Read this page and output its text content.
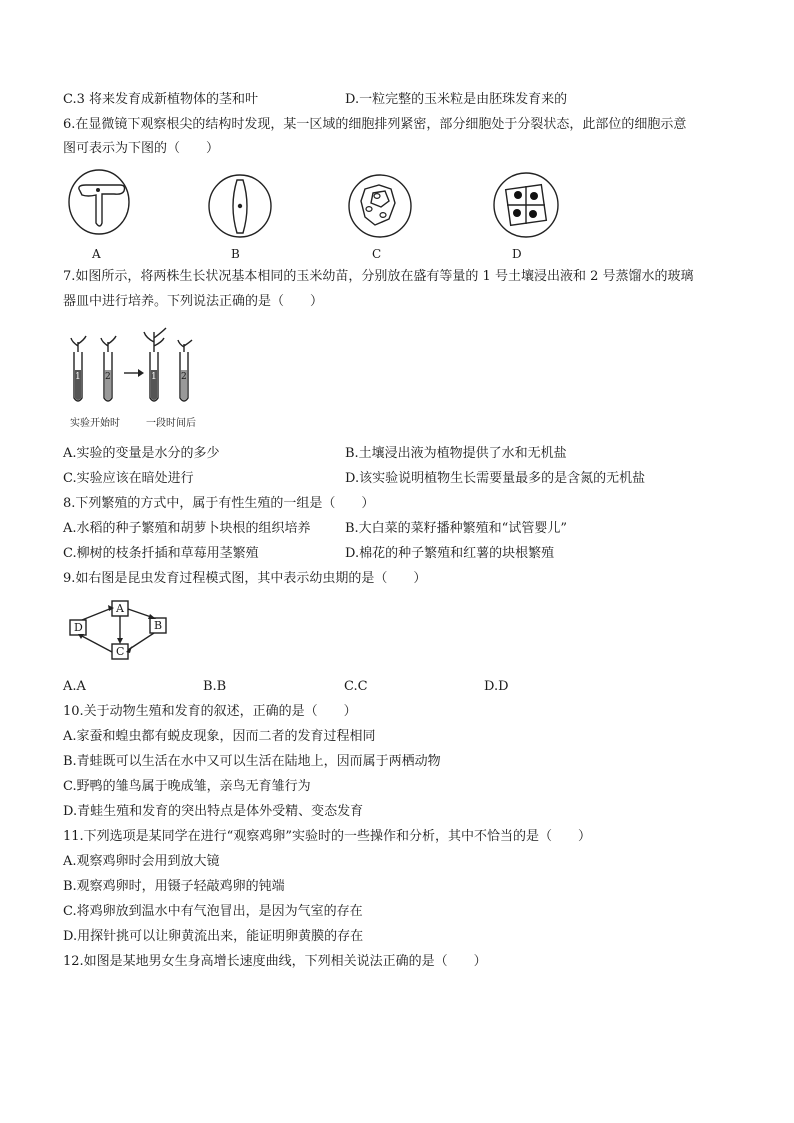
C.3 将来发育成新植物体的茎和叶	D.一粒完整的玉米粒是由胚珠发育来的
6.在显微镜下观察根尖的结构时发现，某一区域的细胞排列紧密，部分细胞处于分裂状态，此部位的细胞示意
图可表示为下图的（　　）
A	B	C	D
7.如图所示，将两株生长状况基本相同的玉米幼苗，分别放在盛有等量的 1 号土壤浸出液和 2 号蒸馏水的玻璃
器皿中进行培养。下列说法正确的是（　　）
1	2	1	2
实验开始时	一段时间后
A.实验的变量是水分的多少	B.土壤浸出液为植物提供了水和无机盐
C.实验应该在暗处进行	D.该实验说明植物生长需要量最多的是含氮的无机盐
8.下列繁殖的方式中，属于有性生殖的一组是（　　）
A.水稻的种子繁殖和胡萝卜块根的组织培养	B.大白菜的菜籽播种繁殖和“试管婴儿”
C.柳树的枝条扦插和草莓用茎繁殖	D.棉花的种子繁殖和红薯的块根繁殖
9.如右图是昆虫发育过程模式图，其中表示幼虫期的是（　　）
A
D	B
C
A.A	B.B	C.C	D.D
10.关于动物生殖和发育的叙述，正确的是（　　）
A.家蚕和蝗虫都有蜕皮现象，因而二者的发育过程相同
B.青蛙既可以生活在水中又可以生活在陆地上，因而属于两栖动物
C.野鸭的雏鸟属于晚成雏，亲鸟无育雏行为
D.青蛙生殖和发育的突出特点是体外受精、变态发育
11.下列选项是某同学在进行“观察鸡卵”实验时的一些操作和分析，其中不恰当的是（　　）
A.观察鸡卵时会用到放大镜
B.观察鸡卵时，用镊子轻敲鸡卵的钝端
C.将鸡卵放到温水中有气泡冒出，是因为气室的存在
D.用探针挑可以让卵黄流出来，能证明卵黄膜的存在
12.如图是某地男女生身高增长速度曲线，下列相关说法正确的是（　　）
